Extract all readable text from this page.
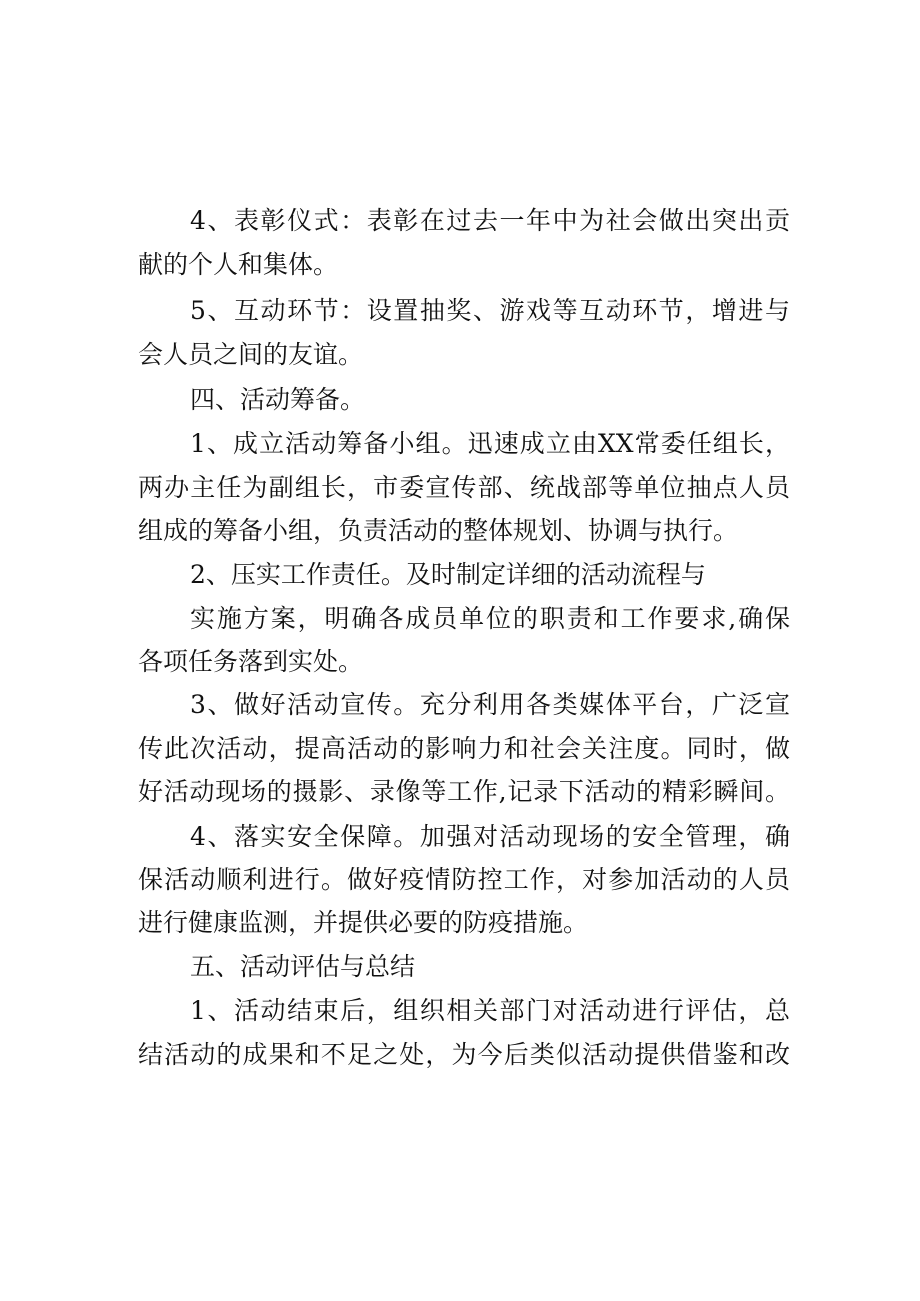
4、表彰仪式：表彰在过去一年中为社会做出突出贡
献的个人和集体。
5、互动环节：设置抽奖、游戏等互动环节，增进与
会人员之间的友谊。
四、活动筹备。
1、成立活动筹备小组。迅速成立由XX常委任组长，
两办主任为副组长，市委宣传部、统战部等单位抽点人员
组成的筹备小组，负责活动的整体规划、协调与执行。
2、压实工作责任。及时制定详细的活动流程与
实施方案，明确各成员单位的职责和工作要求,确保
各项任务落到实处。
3、做好活动宣传。充分利用各类媒体平台，广泛宣
传此次活动，提高活动的影响力和社会关注度。同时，做
好活动现场的摄影、录像等工作,记录下活动的精彩瞬间。
4、落实安全保障。加强对活动现场的安全管理，确
保活动顺利进行。做好疫情防控工作，对参加活动的人员
进行健康监测，并提供必要的防疫措施。
五、活动评估与总结
1、活动结束后，组织相关部门对活动进行评估，总
结活动的成果和不足之处，为今后类似活动提供借鉴和改
